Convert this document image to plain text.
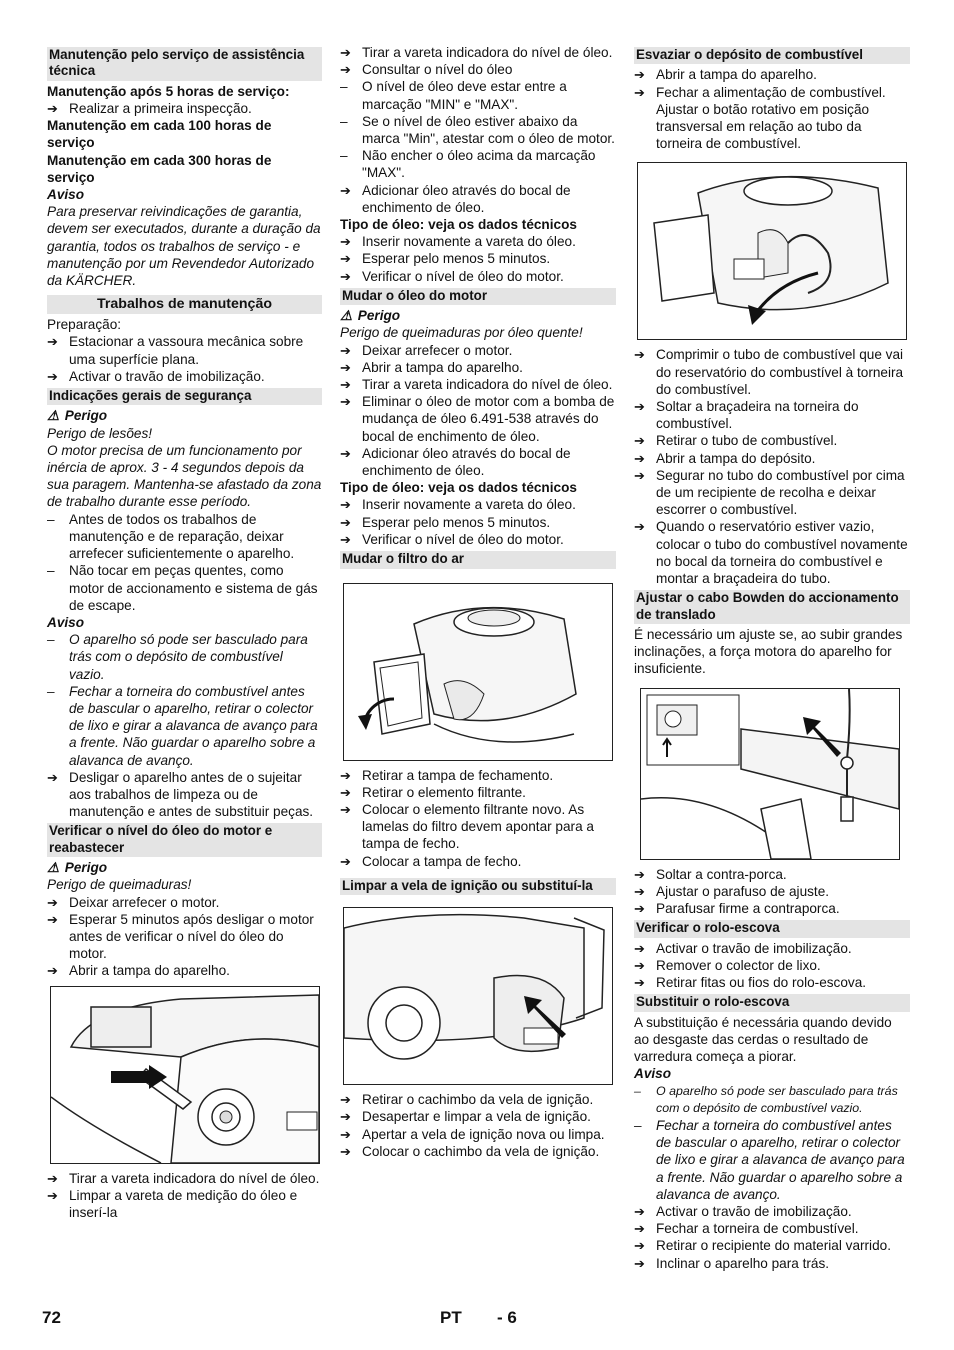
Manutenção pelo serviço de assistência técnica
Manutenção após 5 horas de serviço:
➔ Realizar a primeira inspecção.
Manutenção em cada 100 horas de serviço
Manutenção em cada 300 horas de serviço
Aviso
Para preservar reivindicações de garantia, devem ser executados, durante a duração da garantia, todos os trabalhos de serviço - e manutenção por um Revendedor Autorizado da KÄRCHER.
Trabalhos de manutenção
Preparação:
➔ Estacionar a vassoura mecânica sobre uma superfície plana.
➔ Activar o travão de imobilização.
Indicações gerais de segurança
⚠ Perigo
Perigo de lesões!
O motor precisa de um funcionamento por inércia de aprox. 3 - 4 segundos depois da sua paragem. Mantenha-se afastado da zona de trabalho durante esse período.
–	Antes de todos os trabalhos de manutenção e de reparação, deixar arrefecer suficientemente o aparelho.
–	Não tocar em peças quentes, como motor de accionamento e sistema de gás de escape.
Aviso
–	O aparelho só pode ser basculado para trás com o depósito de combustível vazio.
–	Fechar a torneira do combustível antes de bascular o aparelho, retirar o colector de lixo e girar a alavanca de avanço para a frente. Não guardar o aparelho sobre a alavanca de avanço.
➔ Desligar o aparelho antes de o sujeitar aos trabalhos de limpeza ou de manutenção e antes de substituir peças.
Verificar o nível do óleo do motor e reabastecer
⚠ Perigo
Perigo de queimaduras!
➔ Deixar arrefecer o motor.
➔ Esperar 5 minutos após desligar o motor antes de verificar o nível do óleo do motor.
➔ Abrir a tampa do aparelho.
➔ Tirar a vareta indicadora do nível de óleo.
➔ Limpar a vareta de medição do óleo e inserí-la
➔ Tirar a vareta indicadora do nível de óleo.
➔ Consultar o nível do óleo
–	O nível de óleo deve estar entre a marcação "MIN" e "MAX".
–	Se o nível de óleo estiver abaixo da marca "Min", atestar com o óleo de motor.
–	Não encher o óleo acima da marcação "MAX".
➔ Adicionar óleo através do bocal de enchimento de óleo.
Tipo de óleo: veja os dados técnicos
➔ Inserir novamente a vareta do óleo.
➔ Esperar pelo menos 5 minutos.
➔ Verificar o nível de óleo do motor.
Mudar o óleo do motor
⚠ Perigo
Perigo de queimaduras por óleo quente!
➔ Deixar arrefecer o motor.
➔ Abrir a tampa do aparelho.
➔ Tirar a vareta indicadora do nível de óleo.
➔ Eliminar o óleo de motor com a bomba de mudança de óleo 6.491-538 através do bocal de enchimento de óleo.
➔ Adicionar óleo através do bocal de enchimento de óleo.
Tipo de óleo: veja os dados técnicos
➔ Inserir novamente a vareta do óleo.
➔ Esperar pelo menos 5 minutos.
➔ Verificar o nível de óleo do motor.
Mudar o filtro do ar
➔ Retirar a tampa de fechamento.
➔ Retirar o elemento filtrante.
➔ Colocar o elemento filtrante novo. As lamelas do filtro devem apontar para a tampa de fecho.
➔ Colocar a tampa de fecho.
Limpar a vela de ignição ou substituí-la
➔ Retirar o cachimbo da vela de ignição.
➔ Desapertar e limpar a vela de ignição.
➔ Apertar a vela de ignição nova ou limpa.
➔ Colocar o cachimbo da vela de ignição.
Esvaziar o depósito de combustível
➔ Abrir a tampa do aparelho.
➔ Fechar a alimentação de combustível. Ajustar o botão rotativo em posição transversal em relação ao tubo da torneira de combustível.
➔ Comprimir o tubo de combustível que vai do reservatório do combustível à torneira do combustível.
➔ Soltar a braçadeira na torneira do combustível.
➔ Retirar o tubo de combustível.
➔ Abrir a tampa do depósito.
➔ Segurar no tubo do combustível por cima de um recipiente de recolha e deixar escorrer o combustível.
➔ Quando o reservatório estiver vazio, colocar o tubo do combustível novamente no bocal da torneira do combustível e montar a braçadeira do tubo.
Ajustar o cabo Bowden do accionamento de translado
É necessário um ajuste se, ao subir grandes inclinações, a força motora do aparelho for insuficiente.
➔ Soltar a contra-porca.
➔ Ajustar o parafuso de ajuste.
➔ Parafusar firme a contraporca.
Verificar o rolo-escova
➔ Activar o travão de imobilização.
➔ Remover o colector de lixo.
➔ Retirar fitas ou fios do rolo-escova.
Substituir o rolo-escova
A substituição é necessária quando devido ao desgaste das cerdas o resultado de varredura começa a piorar.
Aviso
–	O aparelho só pode ser basculado para trás com o depósito de combustível vazio.
–	Fechar a torneira do combustível antes de bascular o aparelho, retirar o colector de lixo e girar a alavanca de avanço para a frente. Não guardar o aparelho sobre a alavanca de avanço.
➔ Activar o travão de imobilização.
➔ Fechar a torneira de combustível.
➔ Retirar o recipiente do material varrido.
➔ Inclinar o aparelho para trás.
72	PT - 6
